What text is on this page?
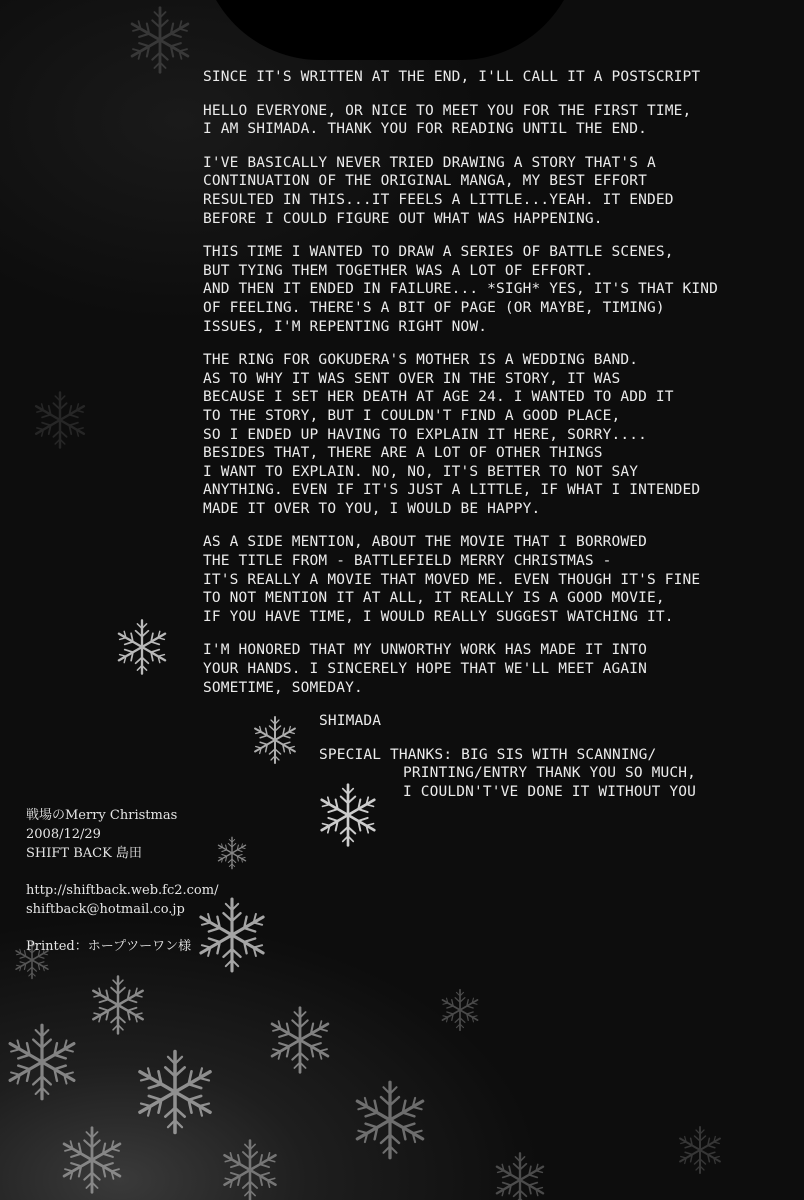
SINCE IT'S WRITTEN AT THE END, I'LL CALL IT A POSTSCRIPT
HELLO EVERYONE, OR NICE TO MEET YOU FOR THE FIRST TIME,
I AM SHIMADA. THANK YOU FOR READING UNTIL THE END.
I'VE BASICALLY NEVER TRIED DRAWING A STORY THAT'S A
CONTINUATION OF THE ORIGINAL MANGA, MY BEST EFFORT
RESULTED IN THIS...IT FEELS A LITTLE...YEAH. IT ENDED
BEFORE I COULD FIGURE OUT WHAT WAS HAPPENING.
THIS TIME I WANTED TO DRAW A SERIES OF BATTLE SCENES,
BUT TYING THEM TOGETHER WAS A LOT OF EFFORT.
AND THEN IT ENDED IN FAILURE... *SIGH* YES, IT'S THAT KIND
OF FEELING. THERE'S A BIT OF PAGE (OR MAYBE, TIMING)
ISSUES, I'M REPENTING RIGHT NOW.
THE RING FOR GOKUDERA'S MOTHER IS A WEDDING BAND.
AS TO WHY IT WAS SENT OVER IN THE STORY, IT WAS
BECAUSE I SET HER DEATH AT AGE 24. I WANTED TO ADD IT
TO THE STORY, BUT I COULDN'T FIND A GOOD PLACE,
SO I ENDED UP HAVING TO EXPLAIN IT HERE, SORRY....
BESIDES THAT, THERE ARE A LOT OF OTHER THINGS
I WANT TO EXPLAIN. NO, NO, IT'S BETTER TO NOT SAY
ANYTHING. EVEN IF IT'S JUST A LITTLE, IF WHAT I INTENDED
MADE IT OVER TO YOU, I WOULD BE HAPPY.
AS A SIDE MENTION, ABOUT THE MOVIE THAT I BORROWED
THE TITLE FROM - BATTLEFIELD MERRY CHRISTMAS -
IT'S REALLY A MOVIE THAT MOVED ME. EVEN THOUGH IT'S FINE
TO NOT MENTION IT AT ALL, IT REALLY IS A GOOD MOVIE,
IF YOU HAVE TIME, I WOULD REALLY SUGGEST WATCHING IT.
I'M HONORED THAT MY UNWORTHY WORK HAS MADE IT INTO
YOUR HANDS. I SINCERELY HOPE THAT WE'LL MEET AGAIN
SOMETIME, SOMEDAY.
SHIMADA
SPECIAL THANKS: BIG SIS WITH SCANNING/
PRINTING/ENTRY THANK YOU SO MUCH,
I COULDN'T'VE DONE IT WITHOUT YOU
戦場のMerry Christmas
2008/12/29
SHIFT BACK 島田
http://shiftback.web.fc2.com/
shiftback@hotmail.co.jp
Printed：ホープツーワン様
